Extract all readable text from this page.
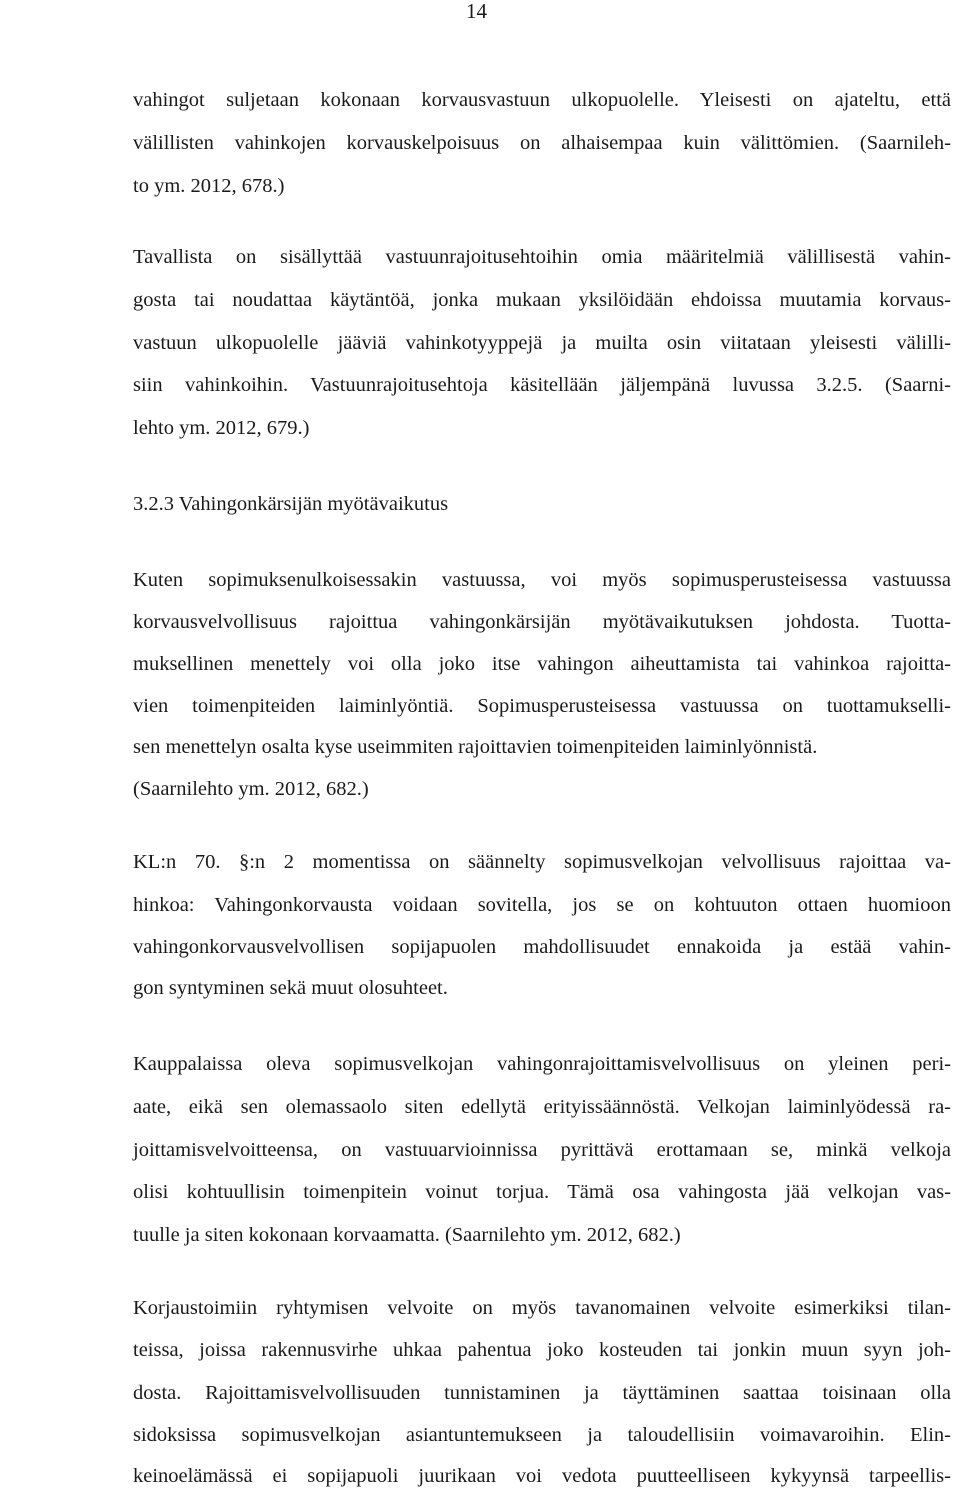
14
vahingot suljetaan kokonaan korvausvastuun ulkopuolelle. Yleisesti on ajateltu, että
välillisten vahinkojen korvauskelpoisuus on alhaisempaa kuin välittömien. (Saarnileh-
to ym. 2012, 678.)
Tavallista on sisällyttää vastuunrajoitusehtoihin omia määritelmiä välillisestä vahin-
gosta tai noudattaa käytäntöä, jonka mukaan yksilöidään ehdoissa muutamia korvaus-
vastuun ulkopuolelle jääviä vahinkotyyppejä ja muilta osin viitataan yleisesti välilli-
siin vahinkoihin. Vastuunrajoitusehtoja käsitellään jäljempänä luvussa 3.2.5. (Saarni-
lehto ym. 2012, 679.)
3.2.3 Vahingonkärsijän myötävaikutus
Kuten sopimuksenulkoisessakin vastuussa, voi myös sopimusperusteisessa vastuussa
korvausvelvollisuus rajoittua vahingonkärsijän myötävaikutuksen johdosta. Tuotta-
muksellinen menettely voi olla joko itse vahingon aiheuttamista tai vahinkoa rajoitta-
vien toimenpiteiden laiminlyöntiä. Sopimusperusteisessa vastuussa on tuottamukselli-
sen menettelyn osalta kyse useimmiten rajoittavien toimenpiteiden laiminlyönnistä.
(Saarnilehto ym. 2012, 682.)
KL:n 70. §:n 2 momentissa on säännelty sopimusvelkojan velvollisuus rajoittaa va-
hinkoa: Vahingonkorvausta voidaan sovitella, jos se on kohtuuton ottaen huomioon
vahingonkorvausvelvollisen sopijapuolen mahdollisuudet ennakoida ja estää vahin-
gon syntyminen sekä muut olosuhteet.
Kauppalaissa oleva sopimusvelkojan vahingonrajoittamisvelvollisuus on yleinen peri-
aate, eikä sen olemassaolo siten edellytä erityissäännöstä. Velkojan laiminlyödessä ra-
joittamisvelvoitteensa, on vastuuarvioinnissa pyrittävä erottamaan se, minkä velkoja
olisi kohtuullisin toimenpitein voinut torjua. Tämä osa vahingosta jää velkojan vas-
tuulle ja siten kokonaan korvaamatta. (Saarnilehto ym. 2012, 682.)
Korjaustoimiin ryhtymisen velvoite on myös tavanomainen velvoite esimerkiksi tilan-
teissa, joissa rakennusvirhe uhkaa pahentua joko kosteuden tai jonkin muun syyn joh-
dosta. Rajoittamisvelvollisuuden tunnistaminen ja täyttäminen saattaa toisinaan olla
sidoksissa sopimusvelkojan asiantuntemukseen ja taloudellisiin voimavaroihin. Elin-
keinoelämässä ei sopijapuoli juurikaan voi vedota puutteelliseen kykyynsä tarpeellis-
